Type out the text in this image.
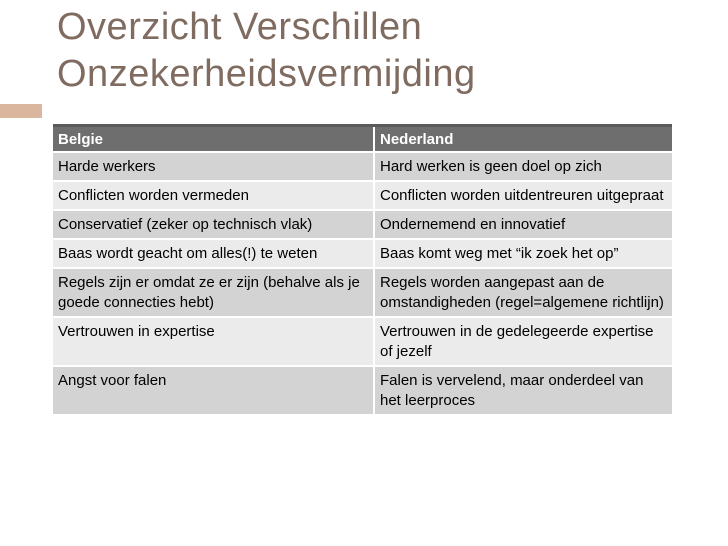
Overzicht Verschillen
Onzekerheidsvermijding
Belgie	Nederland
Harde werkers	Hard werken is geen doel op zich
Conflicten worden vermeden	Conflicten worden uitdentreuren uitgepraat
Conservatief (zeker op technisch vlak)	Ondernemend en innovatief
Baas wordt geacht om alles(!) te weten	Baas komt weg met “ik zoek het op”
Regels zijn er omdat ze er zijn (behalve als je goede connecties hebt)	Regels worden aangepast aan de omstandigheden (regel=algemene richtlijn)
Vertrouwen in expertise	Vertrouwen in de gedelegeerde expertise of jezelf
Angst voor falen	Falen is vervelend, maar onderdeel van het leerproces
